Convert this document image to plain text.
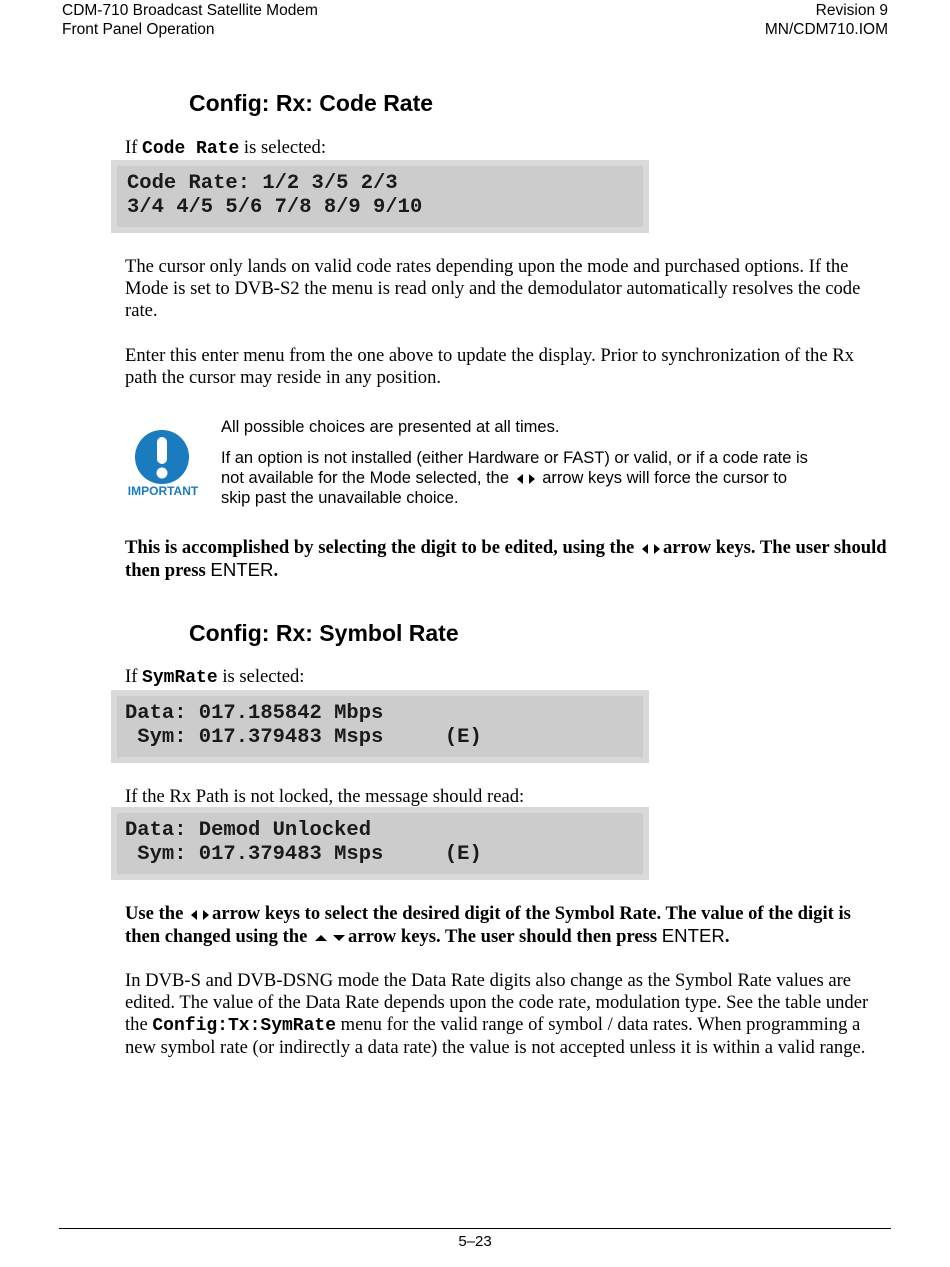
CDM-710 Broadcast Satellite Modem
Front Panel Operation
Revision 9
MN/CDM710.IOM
Config: Rx: Code Rate
If Code Rate is selected:
Code Rate: 1/2 3/5 2/3
3/4 4/5 5/6 7/8 8/9 9/10
The cursor only lands on valid code rates depending upon the mode and purchased options. If the Mode is set to DVB-S2 the menu is read only and the demodulator automatically resolves the code rate.
Enter this enter menu from the one above to update the display. Prior to synchronization of the Rx path the cursor may reside in any position.
IMPORTANT
All possible choices are presented at all times.
If an option is not installed (either Hardware or FAST) or valid, or if a code rate is not available for the Mode selected, the arrow keys will force the cursor to skip past the unavailable choice.
This is accomplished by selecting the digit to be edited, using the arrow keys. The user should then press ENTER.
Config: Rx: Symbol Rate
If SymRate is selected:
Data: 017.185842 Mbps
Sym: 017.379483 Msps     (E)
If the Rx Path is not locked, the message should read:
Data: Demod Unlocked
Sym: 017.379483 Msps     (E)
Use the arrow keys to select the desired digit of the Symbol Rate. The value of the digit is then changed using the arrow keys. The user should then press ENTER.
In DVB-S and DVB-DSNG mode the Data Rate digits also change as the Symbol Rate values are edited. The value of the Data Rate depends upon the code rate, modulation type. See the table under the Config:Tx:SymRate menu for the valid range of symbol / data rates. When programming a new symbol rate (or indirectly a data rate) the value is not accepted unless it is within a valid range.
5–23
